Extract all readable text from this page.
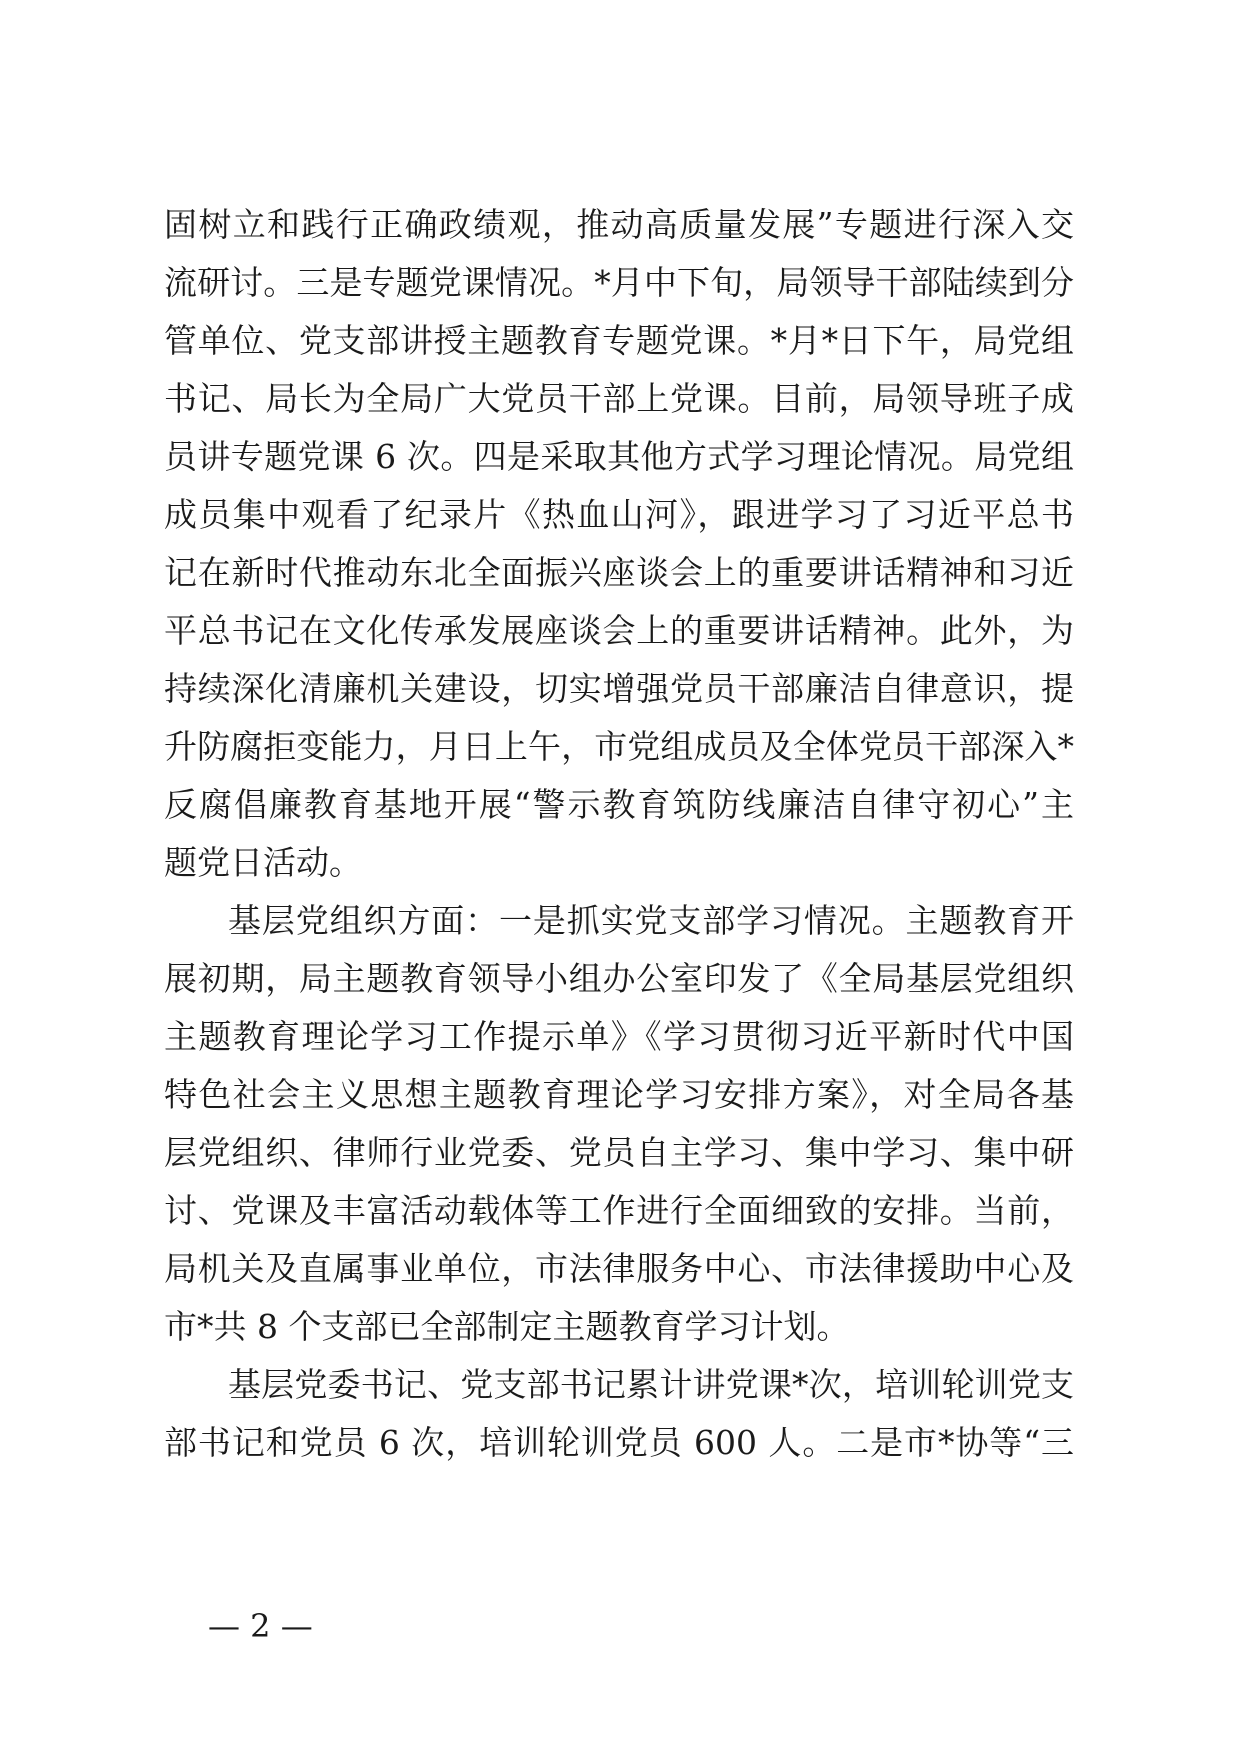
固树立和践行正确政绩观，推动高质量发展”专题进行深入交
流研讨。三是专题党课情况。*月中下旬，局领导干部陆续到分
管单位、党支部讲授主题教育专题党课。*月*日下午，局党组
书记、局长为全局广大党员干部上党课。目前，局领导班子成
员讲专题党课 6 次。四是采取其他方式学习理论情况。局党组
成员集中观看了纪录片《热血山河》，跟进学习了习近平总书
记在新时代推动东北全面振兴座谈会上的重要讲话精神和习近
平总书记在文化传承发展座谈会上的重要讲话精神。此外，为
持续深化清廉机关建设，切实增强党员干部廉洁自律意识，提
升防腐拒变能力，月日上午，市党组成员及全体党员干部深入*
反腐倡廉教育基地开展“警示教育筑防线廉洁自律守初心”主
题党日活动。
基层党组织方面：一是抓实党支部学习情况。主题教育开
展初期，局主题教育领导小组办公室印发了《全局基层党组织
主题教育理论学习工作提示单》《学习贯彻习近平新时代中国
特色社会主义思想主题教育理论学习安排方案》，对全局各基
层党组织、律师行业党委、党员自主学习、集中学习、集中研
讨、党课及丰富活动载体等工作进行全面细致的安排。当前，
局机关及直属事业单位，市法律服务中心、市法律援助中心及
市*共 8 个支部已全部制定主题教育学习计划。
基层党委书记、党支部书记累计讲党课*次，培训轮训党支
部书记和党员 6 次，培训轮训党员 600 人。二是市*协等“三
— 2 —
